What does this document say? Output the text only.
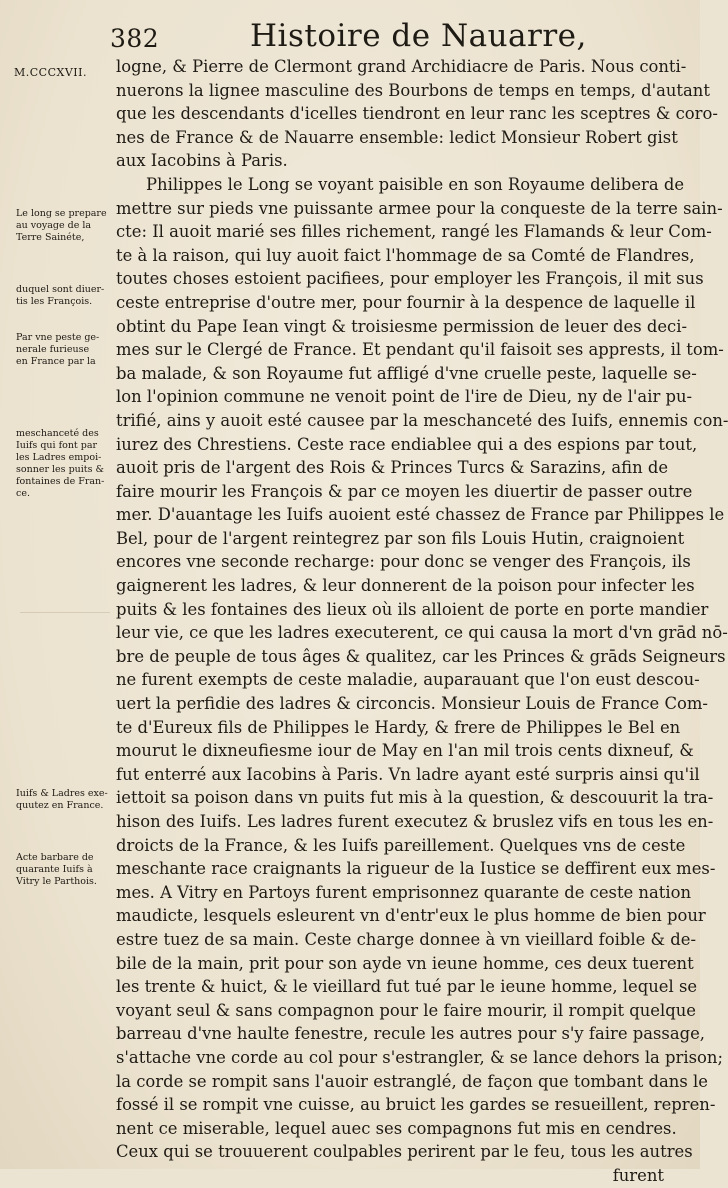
382	Histoire de Nauarre,
M.CCCXVII.
Le long se prepare
au voyage de la
Terre Sainéte,
duquel sont diuer-
tis les François.
Par vne peste ge-
nerale furieuse
en France par la
meschanceté des
Iuifs qui font par
les Ladres empoi-
sonner les puits &
fontaines de Fran-
ce.
Iuifs & Ladres exe-
quutez en France.
Acte barbare de
quarante Iuifs à
Vitry le Parthois.
logne, & Pierre de Clermont grand Archidiacre de Paris. Nous conti-
nuerons la lignee masculine des Bourbons de temps en temps, d'autant
que les descendants d'icelles tiendront en leur ranc les sceptres & coro-
nes de France & de Nauarre ensemble: ledict Monsieur Robert gist
aux Iacobins à Paris.
Philippes le Long se voyant paisible en son Royaume delibera de
mettre sur pieds vne puissante armee pour la conqueste de la terre sain-
cte: Il auoit marié ses filles richement, rangé les Flamands & leur Com-
te à la raison, qui luy auoit faict l'hommage de sa Comté de Flandres,
toutes choses estoient pacifiees, pour employer les François, il mit sus
ceste entreprise d'outre mer, pour fournir à la despence de laquelle il
obtint du Pape Iean vingt & troisiesme permission de leuer des deci-
mes sur le Clergé de France. Et pendant qu'il faisoit ses apprests, il tom-
ba malade, & son Royaume fut affligé d'vne cruelle peste, laquelle se-
lon l'opinion commune ne venoit point de l'ire de Dieu, ny de l'air pu-
trifié, ains y auoit esté causee par la meschanceté des Iuifs, ennemis con-
iurez des Chrestiens. Ceste race endiablee qui a des espions par tout,
auoit pris de l'argent des Rois & Princes Turcs & Sarazins, afin de
faire mourir les François & par ce moyen les diuertir de passer outre
mer. D'auantage les Iuifs auoient esté chassez de France par Philippes le
Bel, pour de l'argent reintegrez par son fils Louis Hutin, craignoient
encores vne seconde recharge: pour donc se venger des François, ils
gaignerent les ladres, & leur donnerent de la poison pour infecter les
puits & les fontaines des lieux où ils alloient de porte en porte mandier
leur vie, ce que les ladres executerent, ce qui causa la mort d'vn grād nō-
bre de peuple de tous âges & qualitez, car les Princes & grāds Seigneurs
ne furent exempts de ceste maladie, auparauant que l'on eust descou-
uert la perfidie des ladres & circoncis. Monsieur Louis de France Com-
te d'Eureux fils de Philippes le Hardy, & frere de Philippes le Bel en
mourut le dixneufiesme iour de May en l'an mil trois cents dixneuf, &
fut enterré aux Iacobins à Paris. Vn ladre ayant esté surpris ainsi qu'il
iettoit sa poison dans vn puits fut mis à la question, & descouurit la tra-
hison des Iuifs. Les ladres furent executez & bruslez vifs en tous les en-
droicts de la France, & les Iuifs pareillement. Quelques vns de ceste
meschante race craignants la rigueur de la Iustice se deffirent eux mes-
mes. A Vitry en Partoys furent emprisonnez quarante de ceste nation
maudicte, lesquels esleurent vn d'entr'eux le plus homme de bien pour
estre tuez de sa main. Ceste charge donnee à vn vieillard foible & de-
bile de la main, prit pour son ayde vn ieune homme, ces deux tuerent
les trente & huict, & le vieillard fut tué par le ieune homme, lequel se
voyant seul & sans compagnon pour le faire mourir, il rompit quelque
barreau d'vne haulte fenestre, recule les autres pour s'y faire passage,
s'attache vne corde au col pour s'estrangler, & se lance dehors la prison;
la corde se rompit sans l'auoir estranglé, de façon que tombant dans le
fossé il se rompit vne cuisse, au bruict les gardes se resueillent, repren-
nent ce miserable, lequel auec ses compagnons fut mis en cendres.
Ceux qui se trouuerent coulpables perirent par le feu, tous les autres
furent
